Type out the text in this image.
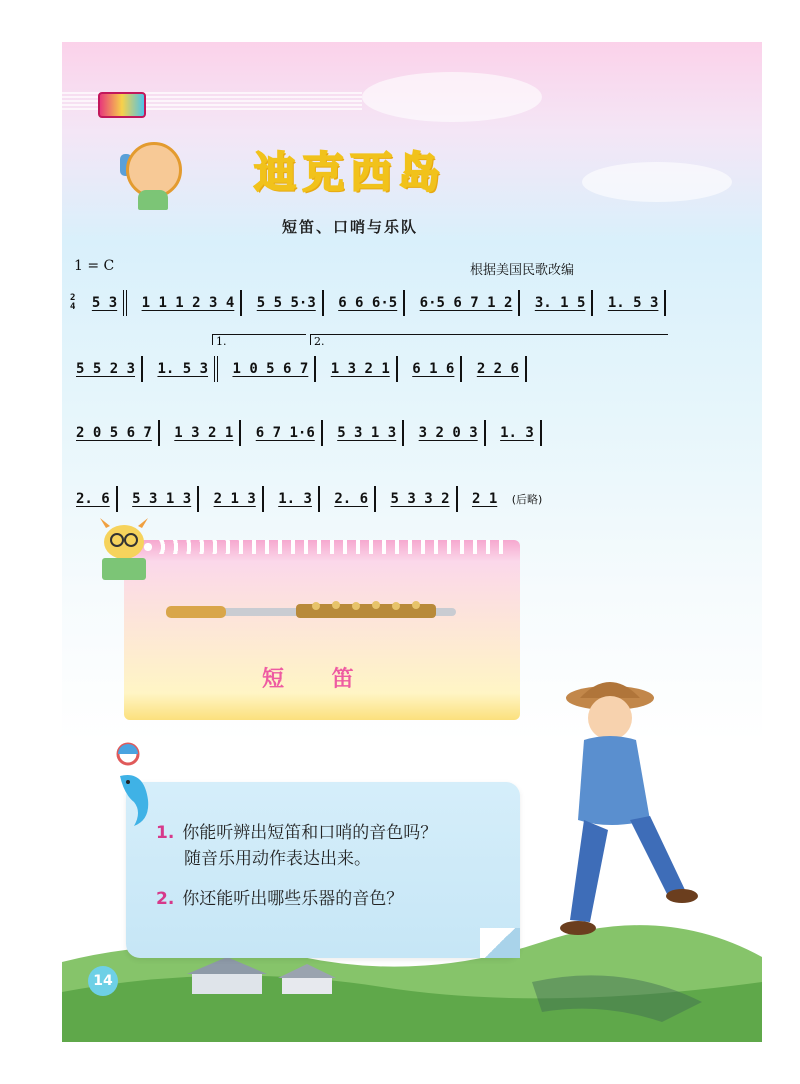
迪克西岛
短笛、口哨与乐队
1 = C	根据美国民歌改编
2
4 5 3 1 1 1 2 3 4 5 5 5·3 6 6 6·5 6·5 6 7 1 2 3. 1 5 1. 5 3
1.	2.
5 5 2 3 1. 5 3 1 0 5 6 7 1 3 2 1 6 1 6 2 2 6
2 0 5 6 7 1 3 2 1 6 7 1·6 5 3 1 3 3 2 0 3 1. 3
2. 6 5 3 1 3 2 1 3 1. 3 2. 6 5 3 3 2 2 1 (后略)
短 笛
1. 你能听辨出短笛和口哨的音色吗？
随音乐用动作表达出来。
2. 你还能听出哪些乐器的音色？
14
